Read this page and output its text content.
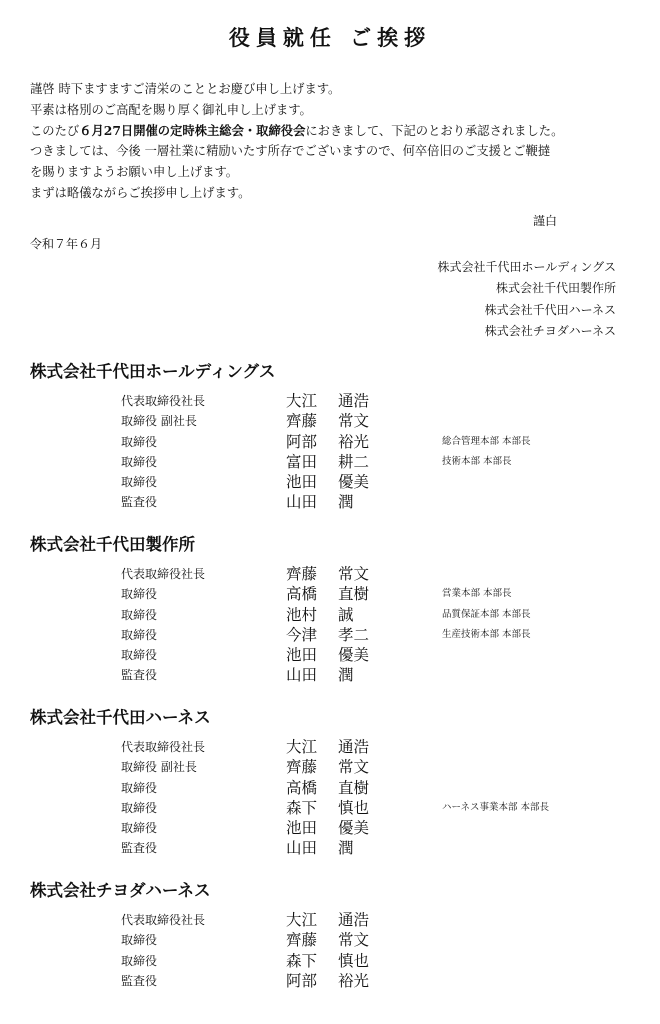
役員就任 ご挨拶
謹啓 時下ますますご清栄のこととお慶び申し上げます。
平素は格別のご高配を賜り厚く御礼申し上げます。
このたび６月27日開催の定時株主総会・取締役会におきまして、下記のとおり承認されました。
つきましては、今後 一層社業に精励いたす所存でございますので、何卒倍旧のご支援とご鞭撻
を賜りますようお願い申し上げます。
まずは略儀ながらご挨拶申し上げます。
謹白
令和７年６月
株式会社千代田ホールディングス
株式会社千代田製作所
株式会社千代田ハーネス
株式会社チヨダハーネス
株式会社千代田ホールディングス
代表取締役社長	大江 通浩
取締役 副社長	齊藤 常文
取締役	阿部 裕光	総合管理本部 本部長
取締役	富田 耕二	技術本部 本部長
取締役	池田 優美
監査役	山田 潤
株式会社千代田製作所
代表取締役社長	齊藤 常文
取締役	高橋 直樹	営業本部 本部長
取締役	池村 誠	品質保証本部 本部長
取締役	今津 孝二	生産技術本部 本部長
取締役	池田 優美
監査役	山田 潤
株式会社千代田ハーネス
代表取締役社長	大江 通浩
取締役 副社長	齊藤 常文
取締役	高橋 直樹
取締役	森下 慎也	ハーネス事業本部 本部長
取締役	池田 優美
監査役	山田 潤
株式会社チヨダハーネス
代表取締役社長	大江 通浩
取締役	齊藤 常文
取締役	森下 慎也
監査役	阿部 裕光
